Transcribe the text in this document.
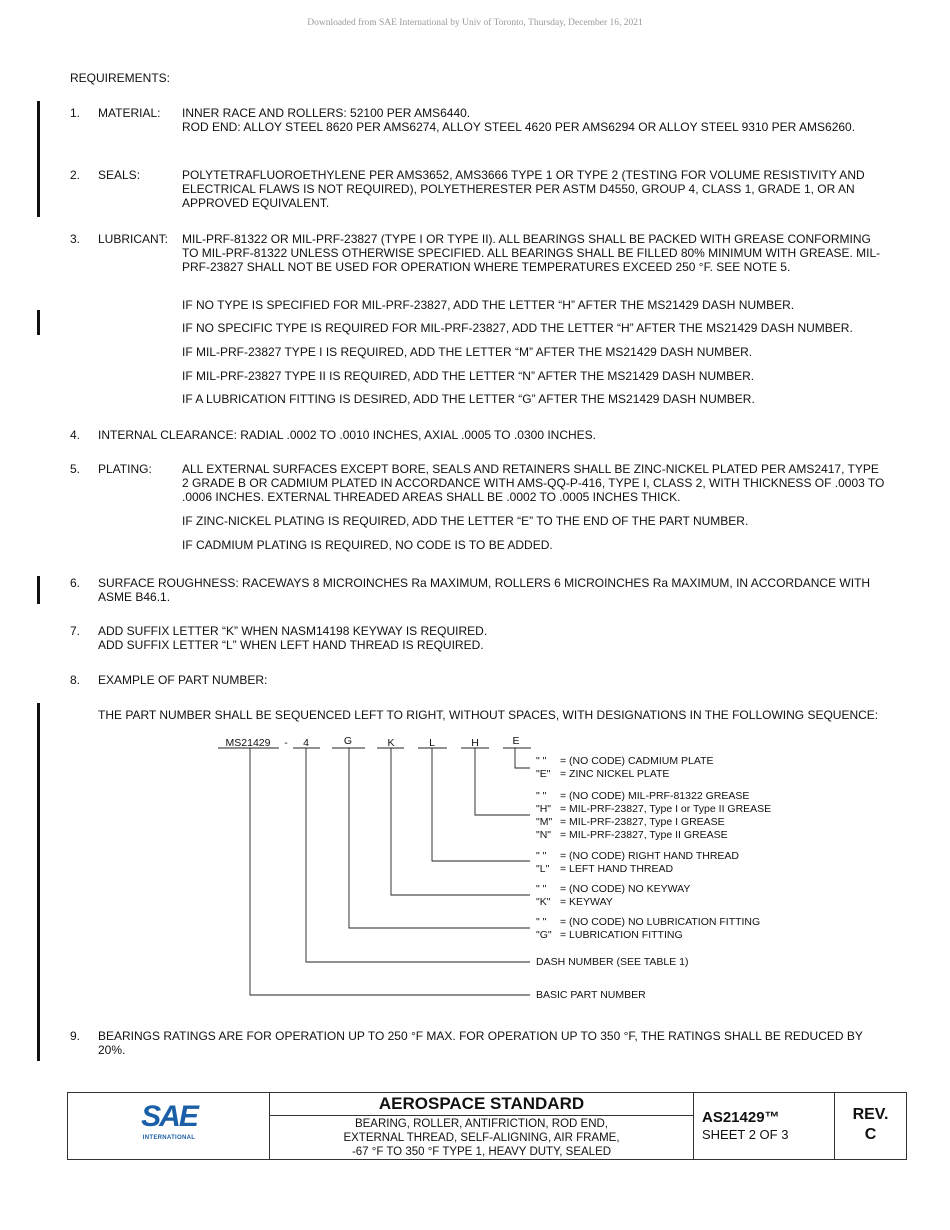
Downloaded from SAE International by Univ of Toronto, Thursday, December 16, 2021
REQUIREMENTS:
1. MATERIAL: INNER RACE AND ROLLERS: 52100 PER AMS6440.

ROD END: ALLOY STEEL 8620 PER AMS6274, ALLOY STEEL 4620 PER AMS6294 OR ALLOY STEEL 9310 PER AMS6260.

2. SEALS:	POLYTETRAFLUOROETHYLENE PER AMS3652, AMS3666 TYPE 1 OR TYPE 2 (TESTING FOR VOLUME RESISTIVITY AND ELECTRICAL FLAWS IS NOT REQUIRED), POLYETHERESTER PER ASTM D4550, GROUP 4, CLASS 1, GRADE 1, OR AN APPROVED EQUIVALENT.
3. LUBRICANT: MIL-PRF-81322 OR MIL-PRF-23827 (TYPE I OR TYPE II). ALL BEARINGS SHALL BE PACKED WITH GREASE CONFORMING TO MIL-PRF-81322 UNLESS OTHERWISE SPECIFIED. ALL BEARINGS SHALL BE FILLED 80% MINIMUM WITH GREASE. MIL-PRF-23827 SHALL NOT BE USED FOR OPERATION WHERE TEMPERATURES EXCEED 250 °F. SEE NOTE 5.
IF NO TYPE IS SPECIFIED FOR MIL-PRF-23827, ADD THE LETTER “H” AFTER THE MS21429 DASH NUMBER.
IF NO SPECIFIC TYPE IS REQUIRED FOR MIL-PRF-23827, ADD THE LETTER “H” AFTER THE MS21429 DASH NUMBER.
IF MIL-PRF-23827 TYPE I IS REQUIRED, ADD THE LETTER “M” AFTER THE MS21429 DASH NUMBER.
IF MIL-PRF-23827 TYPE II IS REQUIRED, ADD THE LETTER “N” AFTER THE MS21429 DASH NUMBER.
IF A LUBRICATION FITTING IS DESIRED, ADD THE LETTER “G” AFTER THE MS21429 DASH NUMBER.
4. INTERNAL CLEARANCE: RADIAL .0002 TO .0010 INCHES, AXIAL .0005 TO .0300 INCHES.
5. PLATING:	ALL EXTERNAL SURFACES EXCEPT BORE, SEALS AND RETAINERS SHALL BE ZINC-NICKEL PLATED PER AMS2417, TYPE 2 GRADE B OR CADMIUM PLATED IN ACCORDANCE WITH AMS-QQ-P-416, TYPE I, CLASS 2, WITH THICKNESS OF .0003 TO .0006 INCHES. EXTERNAL THREADED AREAS SHALL BE .0002 TO .0005 INCHES THICK.
IF ZINC-NICKEL PLATING IS REQUIRED, ADD THE LETTER “E” TO THE END OF THE PART NUMBER.
IF CADMIUM PLATING IS REQUIRED, NO CODE IS TO BE ADDED.
6. SURFACE ROUGHNESS: RACEWAYS 8 MICROINCHES Ra MAXIMUM, ROLLERS 6 MICROINCHES Ra MAXIMUM, IN ACCORDANCE WITH ASME B46.1.
7. ADD SUFFIX LETTER “K” WHEN NASM14198 KEYWAY IS REQUIRED.

ADD SUFFIX LETTER “L” WHEN LEFT HAND THREAD IS REQUIRED.

8. EXAMPLE OF PART NUMBER:
THE PART NUMBER SHALL BE SEQUENCED LEFT TO RIGHT, WITHOUT SPACES, WITH DESIGNATIONS IN THE FOLLOWING SEQUENCE:
MS21429 - 4	G	K	L	H	E
" " = (NO CODE) CADMIUM PLATE
"E" = ZINC NICKEL PLATE
" " = (NO CODE) MIL-PRF-81322 GREASE
"H" = MIL-PRF-23827, Type I or Type II GREASE
"M" = MIL-PRF-23827, Type I GREASE
"N" = MIL-PRF-23827, Type II GREASE
" " = (NO CODE) RIGHT HAND THREAD
"L" = LEFT HAND THREAD
" " = (NO CODE) NO KEYWAY
"K" = KEYWAY
" " = (NO CODE) NO LUBRICATION FITTING
"G" = LUBRICATION FITTING
DASH NUMBER (SEE TABLE 1)
BASIC PART NUMBER
9. BEARINGS RATINGS ARE FOR OPERATION UP TO 250 °F MAX. FOR OPERATION UP TO 350 °F, THE RATINGS SHALL BE REDUCED BY 20%.
SAE
INTERNATIONAL
AEROSPACE STANDARD
BEARING, ROLLER, ANTIFRICTION, ROD END,
EXTERNAL THREAD, SELF-ALIGNING, AIR FRAME,
-67 °F TO 350 °F TYPE 1, HEAVY DUTY, SEALED
AS21429™
SHEET 2 OF 3
REV.
C
